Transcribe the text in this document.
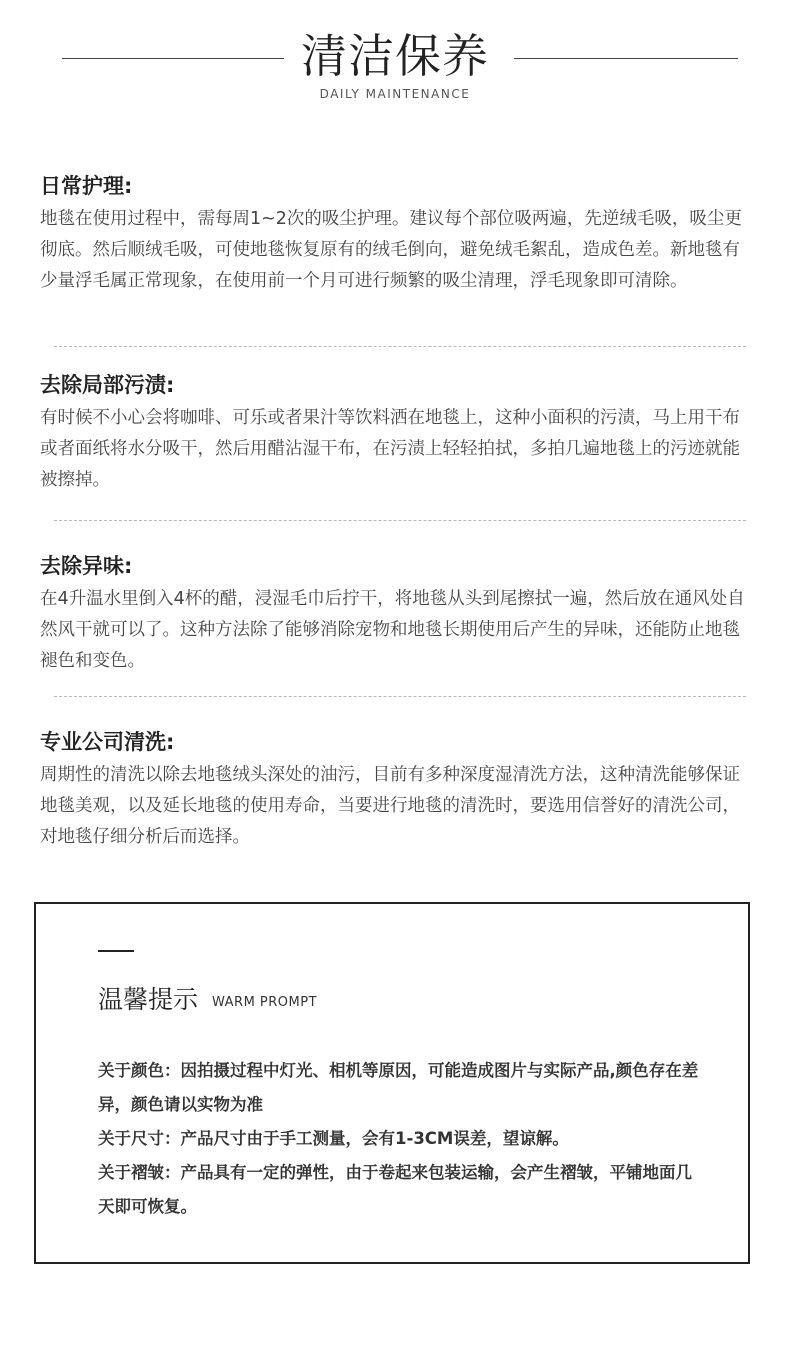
清洁保养
DAILY MAINTENANCE
日常护理:

地毯在使用过程中，需每周1~2次的吸尘护理。建议每个部位吸两遍，先逆绒毛吸，吸尘更彻底。然后顺绒毛吸，可使地毯恢复原有的绒毛倒向，避免绒毛絮乱，造成色差。新地毯有少量浮毛属正常现象，在使用前一个月可进行频繁的吸尘清理，浮毛现象即可清除。

去除局部污渍:

有时候不小心会将咖啡、可乐或者果汁等饮料洒在地毯上，这种小面积的污渍，马上用干布或者面纸将水分吸干，然后用醋沾湿干布，在污渍上轻轻拍拭，多拍几遍地毯上的污迹就能被擦掉。

去除异味:

在4升温水里倒入4杯的醋，浸湿毛巾后拧干，将地毯从头到尾擦拭一遍，然后放在通风处自然风干就可以了。这种方法除了能够消除宠物和地毯长期使用后产生的异味，还能防止地毯褪色和变色。

专业公司清洗:

周期性的清洗以除去地毯绒头深处的油污，目前有多种深度湿清洗方法，这种清洗能够保证地毯美观，以及延长地毯的使用寿命，当要进行地毯的清洗时，要选用信誉好的清洗公司，对地毯仔细分析后而选择。

温馨提示 WARM PROMPT

关于颜色：因拍摄过程中灯光、相机等原因，可能造成图片与实际产品,颜色存在差异，颜色请以实物为准
关于尺寸：产品尺寸由于手工测量，会有1-3CM误差，望谅解。
关于褶皱：产品具有一定的弹性，由于卷起来包装运输，会产生褶皱，平铺地面几天即可恢复。
